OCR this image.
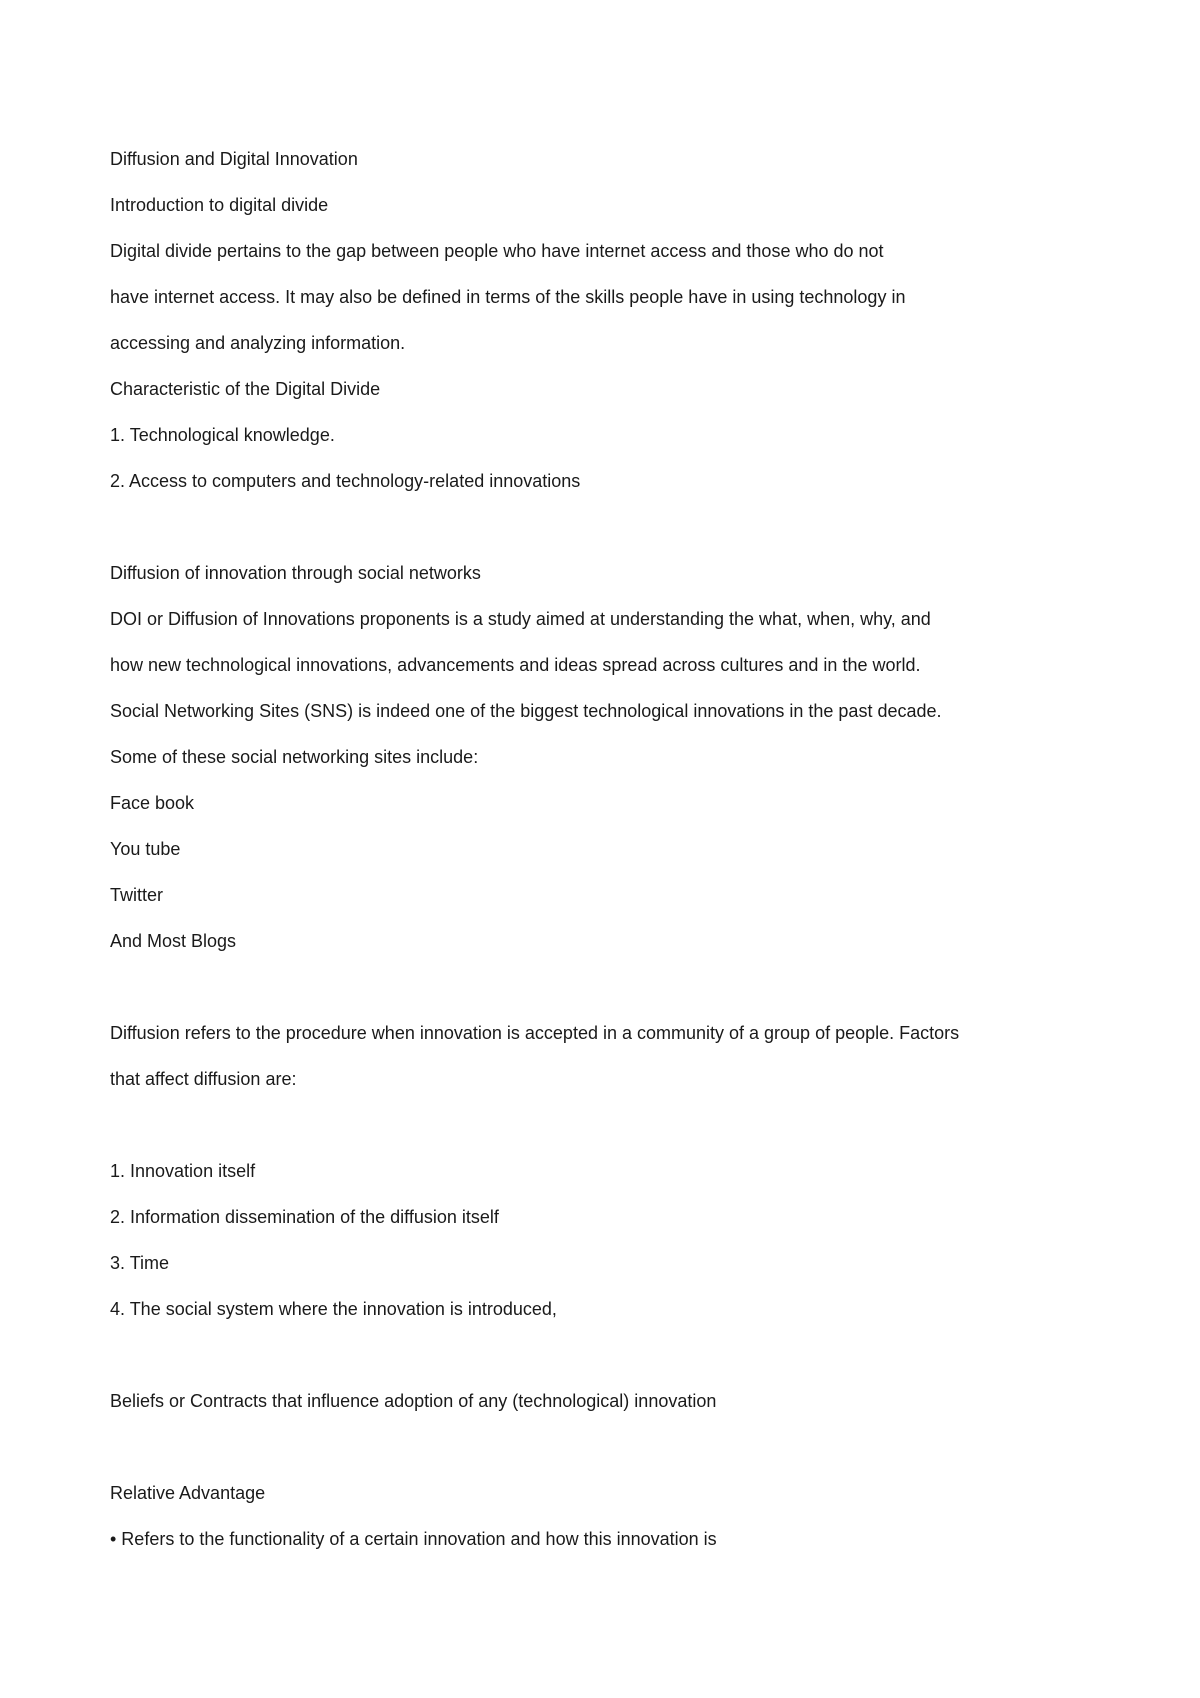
Diffusion and Digital Innovation
Introduction to digital divide
Digital divide pertains to the gap between people who have internet access and those who do not
have internet access. It may also be defined in terms of the skills people have in using technology in
accessing and analyzing information.
Characteristic of the Digital Divide
1. Technological knowledge.
2. Access to computers and technology-related innovations
Diffusion of innovation through social networks
DOI or Diffusion of Innovations proponents is a study aimed at understanding the what, when, why, and
how new technological innovations, advancements and ideas spread across cultures and in the world.
Social Networking Sites (SNS) is indeed one of the biggest technological innovations in the past decade.
Some of these social networking sites include:
Face book
You tube
Twitter
And Most Blogs
Diffusion refers to the procedure when innovation is accepted in a community of a group of people. Factors
that affect diffusion are:
1. Innovation itself
2. Information dissemination of the diffusion itself
3. Time
4. The social system where the innovation is introduced,
Beliefs or Contracts that influence adoption of any (technological) innovation
Relative Advantage
• Refers to the functionality of a certain innovation and how this innovation is
